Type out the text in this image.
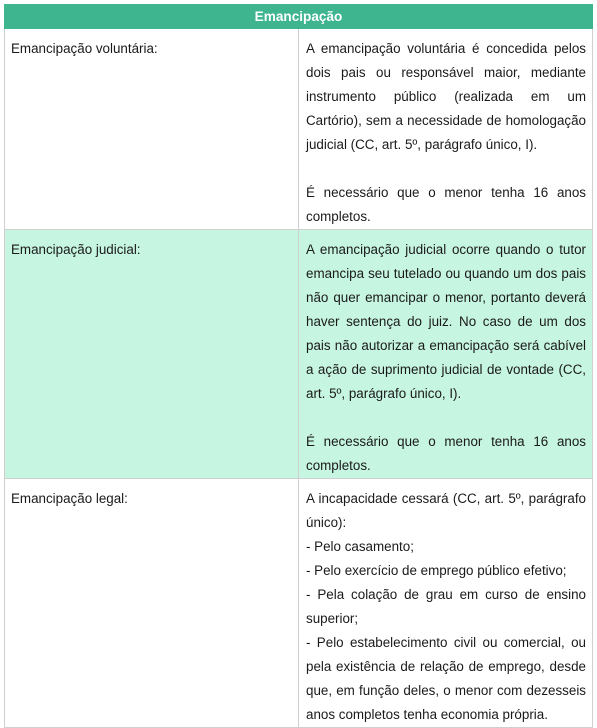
Emancipação	
Emancipação voluntária:	A emancipação voluntária é concedida pelos dois pais ou responsável maior, mediante instrumento público (realizada em um Cartório), sem a necessidade de homologação judicial (CC, art. 5º, parágrafo único, I).
É necessário que o menor tenha 16 anos completos.

Emancipação judicial:	A emancipação judicial ocorre quando o tutor emancipa seu tutelado ou quando um dos pais não quer emancipar o menor, portanto deverá haver sentença do juiz. No caso de um dos pais não autorizar a emancipação será cabível a ação de suprimento judicial de vontade (CC, art. 5º, parágrafo único, I).
É necessário que o menor tenha 16 anos completos.

Emancipação legal:	A incapacidade cessará (CC, art. 5º, parágrafo único):
- Pelo casamento;
- Pelo exercício de emprego público efetivo;
- Pela colação de grau em curso de ensino superior;
- Pelo estabelecimento civil ou comercial, ou pela existência de relação de emprego, desde que, em função deles, o menor com dezesseis anos completos tenha economia própria.
